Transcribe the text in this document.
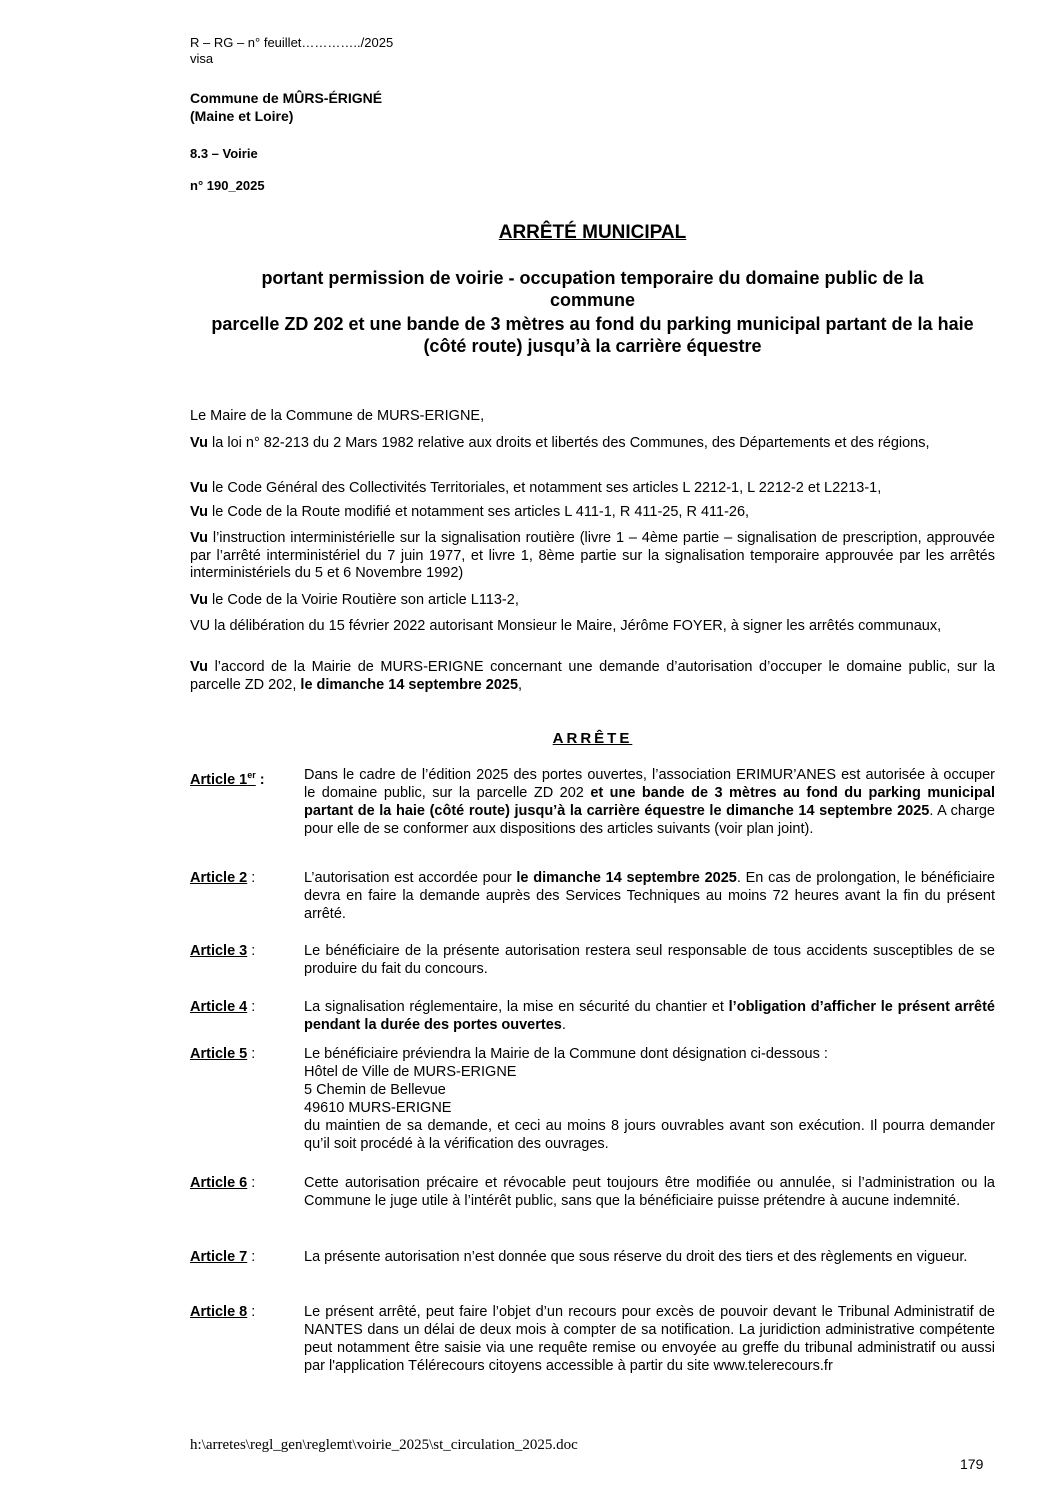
R – RG – n° feuillet…………../2025
visa
Commune de MÛRS-ÉRIGNÉ
(Maine et Loire)
8.3 – Voirie
n° 190_2025
ARRÊTÉ MUNICIPAL
portant permission de voirie - occupation temporaire du domaine public de la commune
parcelle ZD 202 et une bande de 3 mètres au fond du parking municipal partant de la haie (côté route) jusqu’à la carrière équestre
Le Maire de la Commune de MURS-ERIGNE,
Vu la loi n° 82-213 du 2 Mars 1982 relative aux droits et libertés des Communes, des Départements et des régions,
Vu le Code Général des Collectivités Territoriales, et notamment ses articles L 2212-1, L 2212-2 et L2213-1,
Vu le Code de la Route modifié et notamment ses articles L 411-1, R 411-25, R 411-26,
Vu l’instruction interministérielle sur la signalisation routière (livre 1 – 4ème partie – signalisation de prescription, approuvée par l’arrêté interministériel du 7 juin 1977, et livre 1, 8ème partie sur la signalisation temporaire approuvée par les arrêtés interministériels du 5 et 6 Novembre 1992)
Vu le Code de la Voirie Routière son article L113-2,
VU la délibération du 15 février 2022 autorisant Monsieur le Maire, Jérôme FOYER, à signer les arrêtés communaux,
Vu l’accord de la Mairie de MURS-ERIGNE concernant une demande d’autorisation d’occuper le domaine public, sur la parcelle ZD 202, le dimanche 14 septembre 2025,
ARRÊTE
Article 1er :	Dans le cadre de l’édition 2025 des portes ouvertes, l’association ERIMUR’ANES est autorisée à occuper le domaine public, sur la parcelle ZD 202 et une bande de 3 mètres au fond du parking municipal partant de la haie (côté route) jusqu’à la carrière équestre le dimanche 14 septembre 2025. A charge pour elle de se conformer aux dispositions des articles suivants (voir plan joint).
Article 2 :	L’autorisation est accordée pour le dimanche 14 septembre 2025. En cas de prolongation, le bénéficiaire devra en faire la demande auprès des Services Techniques au moins 72 heures avant la fin du présent arrêté.
Article 3 :	Le bénéficiaire de la présente autorisation restera seul responsable de tous accidents susceptibles de se produire du fait du concours.
Article 4 :	La signalisation réglementaire, la mise en sécurité du chantier et l’obligation d’afficher le présent arrêté pendant la durée des portes ouvertes.
Article 5 :	Le bénéficiaire préviendra la Mairie de la Commune dont désignation ci-dessous :

Hôtel de Ville de MURS-ERIGNE

5 Chemin de Bellevue

49610 MURS-ERIGNE

du maintien de sa demande, et ceci au moins 8 jours ouvrables avant son exécution. Il pourra demander qu’il soit procédé à la vérification des ouvrages.

Article 6 :	Cette autorisation précaire et révocable peut toujours être modifiée ou annulée, si l’administration ou la Commune le juge utile à l’intérêt public, sans que la bénéficiaire puisse prétendre à aucune indemnité.
Article 7 :	La présente autorisation n’est donnée que sous réserve du droit des tiers et des règlements en vigueur.
Article 8 :	Le présent arrêté, peut faire l’objet d’un recours pour excès de pouvoir devant le Tribunal Administratif de NANTES dans un délai de deux mois à compter de sa notification. La juridiction administrative compétente peut notamment être saisie via une requête remise ou envoyée au greffe du tribunal administratif ou aussi par l'application Télérecours citoyens accessible à partir du site www.telerecours.fr
h:\arretes\regl_gen\reglemt\voirie_2025\st_circulation_2025.doc
179
